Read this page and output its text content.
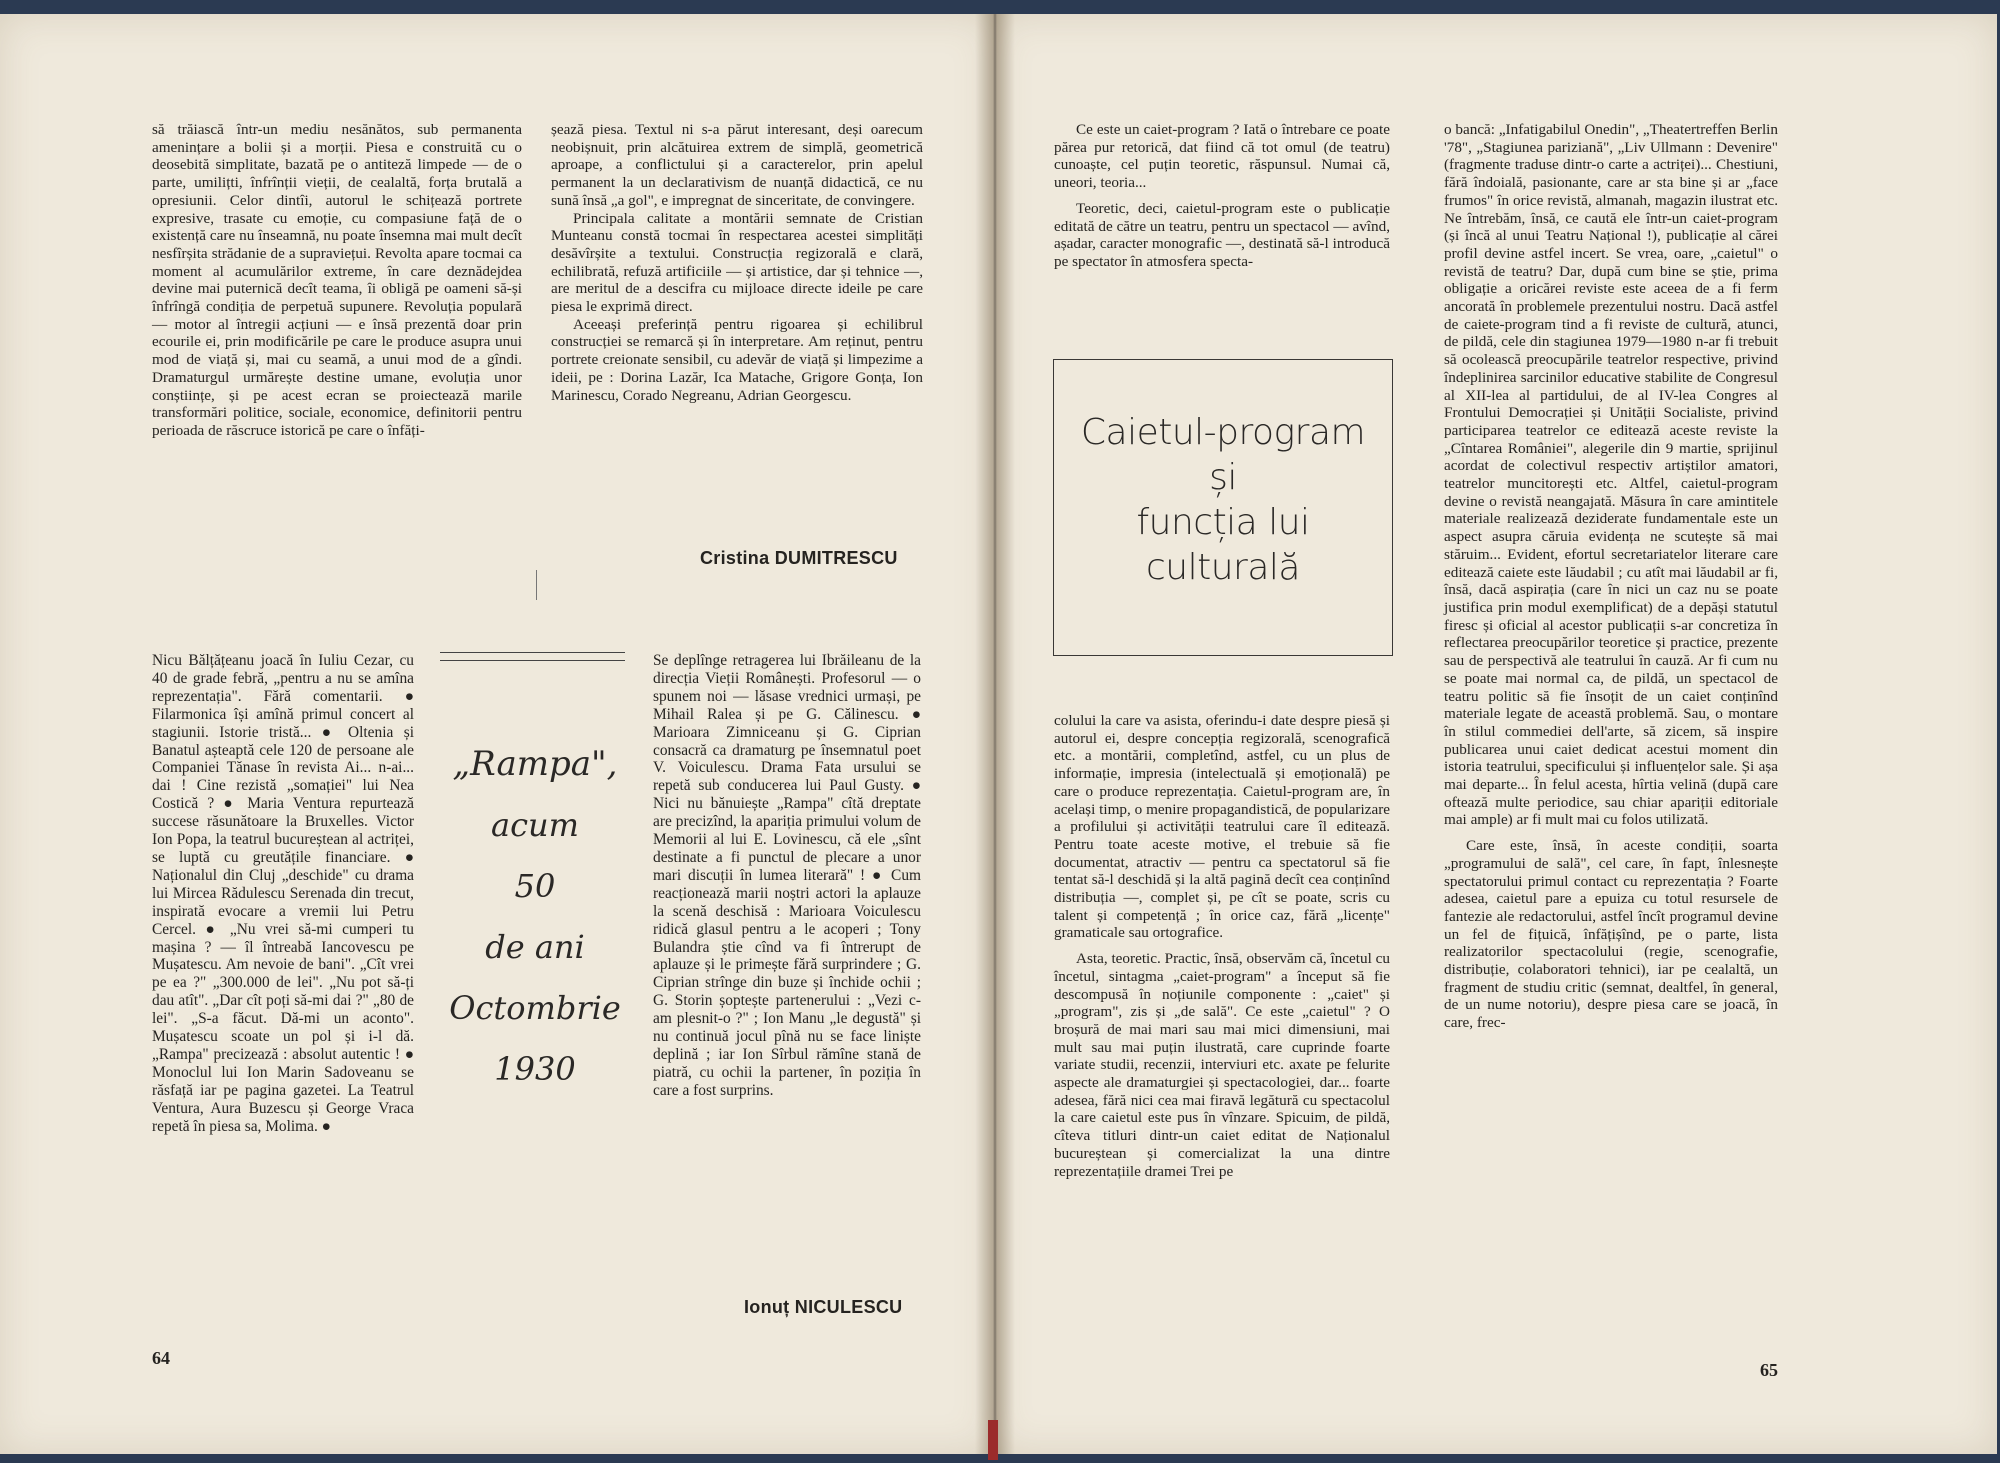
să trăiască într-un mediu nesănătos, sub permanenta amenințare a bolii și a morții. Piesa e construită cu o deosebită simplitate, bazată pe o antiteză limpede — de o parte, umilițti, înfrînții vieții, de cealaltă, forța brutală a opresiunii. Celor dintîi, autorul le schițează portrete expresive, trasate cu emoție, cu compasiune față de o existență care nu înseamnă, nu poate însemna mai mult decît nesfîrșita strădanie de a supraviețui. Revolta apare tocmai ca moment al acumulărilor extreme, în care deznădejdea devine mai puternică decît teama, îi obligă pe oameni să-și înfrîngă condiția de perpetuă supunere. Revoluția populară — motor al întregii acțiuni — e însă prezentă doar prin ecourile ei, prin modificările pe care le produce asupra unui mod de viață și, mai cu seamă, a unui mod de a gîndi. Dramaturgul urmărește destine umane, evoluția unor conștiințe, și pe acest ecran se proiectează marile transformări politice, sociale, economice, definitorii pentru perioada de răscruce istorică pe care o înfăți-

șează piesa. Textul ni s-a părut interesant, deși oarecum neobișnuit, prin alcătuirea extrem de simplă, geometrică aproape, a conflictului și a caracterelor, prin apelul permanent la un declarativism de nuanță didactică, ce nu sună însă „a gol", e impregnat de sinceritate, de convingere.

Principala calitate a montării semnate de Cristian Munteanu constă tocmai în respectarea acestei simplități desăvîrșite a textului. Construcția regizorală e clară, echilibrată, refuză artificiile — și artistice, dar și tehnice —, are meritul de a descifra cu mijloace directe ideile pe care piesa le exprimă direct.

Aceeași preferință pentru rigoarea și echilibrul construcției se remarcă și în interpretare. Am reținut, pentru portrete creionate sensibil, cu adevăr de viață și limpezime a ideii, pe : Dorina Lazăr, Ica Matache, Grigore Gonța, Ion Marinescu, Corado Negreanu, Adrian Georgescu.

Cristina DUMITRESCU

Nicu Bălțățeanu joacă în Iuliu Cezar, cu 40 de grade febră, „pentru a nu se amîna reprezentația". Fără comentarii. ● Filarmonica își amînă primul concert al stagiunii. Istorie tristă... ● Oltenia și Banatul așteaptă cele 120 de persoane ale Companiei Tănase în revista Ai... n-ai... dai ! Cine rezistă „somației" lui Nea Costică ? ● Maria Ventura repurtează succese răsunătoare la Bruxelles. Victor Ion Popa, la teatrul bucureștean al actriței, se luptă cu greutățile financiare. ● Naționalul din Cluj „deschide" cu drama lui Mircea Rădulescu Serenada din trecut, inspirată evocare a vremii lui Petru Cercel. ● „Nu vrei să-mi cumperi tu mașina ? — îl întreabă Iancovescu pe Mușatescu. Am nevoie de bani". „Cît vrei pe ea ?" „300.000 de lei". „Nu pot să-ți dau atît". „Dar cît poți să-mi dai ?" „80 de lei". „S-a făcut. Dă-mi un aconto". Mușatescu scoate un pol și i-l dă. „Rampa" precizează : absolut autentic ! ● Monoclul lui Ion Marin Sadoveanu se răsfață iar pe pagina gazetei. La Teatrul Ventura, Aura Buzescu și George Vraca repetă în piesa sa, Molima. ●

„Rampa",
acum
50
de ani
Octombrie
1930

Se deplînge retragerea lui Ibrăileanu de la direcția Vieții Românești. Profesorul — o spunem noi — lăsase vrednici urmași, pe Mihail Ralea și pe G. Călinescu. ● Marioara Zimniceanu și G. Ciprian consacră ca dramaturg pe însemnatul poet V. Voiculescu. Drama Fata ursului se repetă sub conducerea lui Paul Gusty. ● Nici nu bănuiește „Rampa" cîtă dreptate are precizînd, la apariția primului volum de Memorii al lui E. Lovinescu, că ele „sînt destinate a fi punctul de plecare a unor mari discuții în lumea literară" ! ● Cum reacționează marii noștri actori la aplauze la scenă deschisă : Marioara Voiculescu ridică glasul pentru a le acoperi ; Tony Bulandra știe cînd va fi întrerupt de aplauze și le primește fără surprindere ; G. Ciprian strînge din buze și închide ochii ; G. Storin șoptește partenerului : „Vezi c-am plesnit-o ?" ; Ion Manu „le degustă" și nu continuă jocul pînă nu se face liniște deplină ; iar Ion Sîrbul rămîne stană de piatră, cu ochii la partener, în poziția în care a fost surprins.

Ionuț NICULESCU
64

Ce este un caiet-program ? Iată o întrebare ce poate părea pur retorică, dat fiind că tot omul (de teatru) cunoaște, cel puțin teoretic, răspunsul. Numai că, uneori, teoria...

Teoretic, deci, caietul-program este o publicație editată de către un teatru, pentru un spectacol — avînd, așadar, caracter monografic —, destinată să-l introducă pe spectator în atmosfera specta-

Caietul-program
și
funcția lui
culturală

colului la care va asista, oferindu-i date despre piesă și autorul ei, despre concepția regizorală, scenografică etc. a montării, completînd, astfel, cu un plus de informație, impresia (intelectuală și emoțională) pe care o produce reprezentația. Caietul-program are, în același timp, o menire propagandistică, de popularizare a profilului și activității teatrului care îl editează. Pentru toate aceste motive, el trebuie să fie documentat, atractiv — pentru ca spectatorul să fie tentat să-l deschidă și la altă pagină decît cea conținînd distribuția —, complet și, pe cît se poate, scris cu talent și competență ; în orice caz, fără „licențe" gramaticale sau ortografice.

Asta, teoretic. Practic, însă, observăm că, încetul cu încetul, sintagma „caiet-program" a început să fie descompusă în noțiunile componente : „caiet" și „program", zis și „de sală". Ce este „caietul" ? O broșură de mai mari sau mai mici dimensiuni, mai mult sau mai puțin ilustrată, care cuprinde foarte variate studii, recenzii, interviuri etc. axate pe felurite aspecte ale dramaturgiei și spectacologiei, dar... foarte adesea, fără nici cea mai firavă legătură cu spectacolul la care caietul este pus în vînzare. Spicuim, de pildă, cîteva titluri dintr-un caiet editat de Naționalul bucureștean și comercializat la una dintre reprezentațiile dramei Trei pe

o bancă: „Infatigabilul Onedin", „Theatertreffen Berlin '78", „Stagiunea pariziană", „Liv Ullmann : Devenire" (fragmente traduse dintr-o carte a actriței)... Chestiuni, fără îndoială, pasionante, care ar sta bine și ar „face frumos" în orice revistă, almanah, magazin ilustrat etc. Ne întrebăm, însă, ce caută ele într-un caiet-program (și încă al unui Teatru Național !), publicație al cărei profil devine astfel incert. Se vrea, oare, „caietul" o revistă de teatru? Dar, după cum bine se știe, prima obligație a oricărei reviste este aceea de a fi ferm ancorată în problemele prezentului nostru. Dacă astfel de caiete-program tind a fi reviste de cultură, atunci, de pildă, cele din stagiunea 1979—1980 n-ar fi trebuit să ocolească preocupările teatrelor respective, privind îndeplinirea sarcinilor educative stabilite de Congresul al XII-lea al partidului, de al IV-lea Congres al Frontului Democrației și Unității Socialiste, privind participarea teatrelor ce editează aceste reviste la „Cîntarea României", alegerile din 9 martie, sprijinul acordat de colectivul respectiv artiștilor amatori, teatrelor muncitorești etc. Altfel, caietul-program devine o revistă neangajată. Măsura în care amintitele materiale realizează deziderate fundamentale este un aspect asupra căruia evidența ne scutește să mai stăruim... Evident, efortul secretariatelor literare care editează caiete este lăudabil ; cu atît mai lăudabil ar fi, însă, dacă aspirația (care în nici un caz nu se poate justifica prin modul exemplificat) de a depăși statutul firesc și oficial al acestor publicații s-ar concretiza în reflectarea preocupărilor teoretice și practice, prezente sau de perspectivă ale teatrului în cauză. Ar fi cum nu se poate mai normal ca, de pildă, un spectacol de teatru politic să fie însoțit de un caiet conținînd materiale legate de această problemă. Sau, o montare în stilul commediei dell'arte, să zicem, să inspire publicarea unui caiet dedicat acestui moment din istoria teatrului, specificului și influențelor sale. Și așa mai departe... În felul acesta, hîrtia velină (după care oftează multe periodice, sau chiar apariții editoriale mai ample) ar fi mult mai cu folos utilizată.

Care este, însă, în aceste condiții, soarta „programului de sală", cel care, în fapt, înlesnește spectatorului primul contact cu reprezentația ? Foarte adesea, caietul pare a epuiza cu totul resursele de fantezie ale redactorului, astfel încît programul devine un fel de fițuică, înfățișînd, pe o parte, lista realizatorilor spectacolului (regie, scenografie, distribuție, colaboratori tehnici), iar pe cealaltă, un fragment de studiu critic (semnat, dealtfel, în general, de un nume notoriu), despre piesa care se joacă, în care, frec-

65
